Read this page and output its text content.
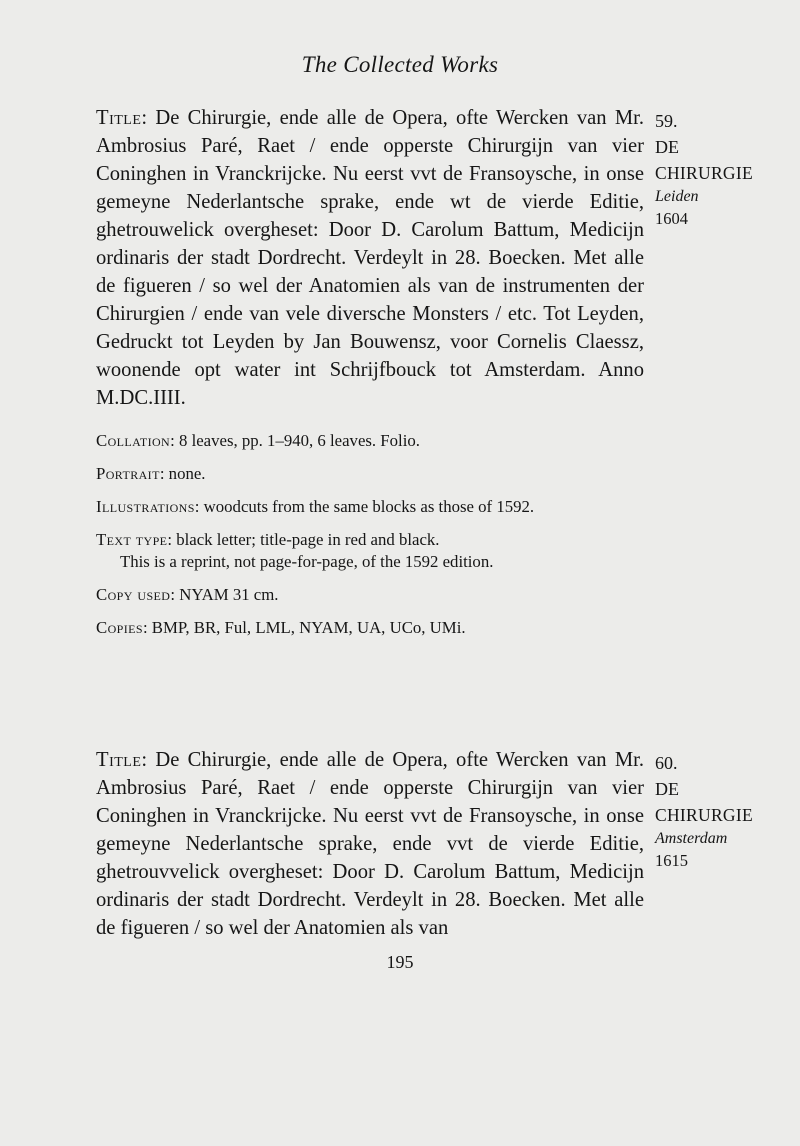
The Collected Works
59.
DE
CHIRURGIE
Leiden
1604

Title: De Chirurgie, ende alle de Opera, ofte Wercken van Mr. Ambrosius Paré, Raet / ende opperste Chirurgijn van vier Coninghen in Vranckrijcke. Nu eerst vvt de Fransoysche, in onse gemeyne Nederlantsche sprake, ende wt de vierde Editie, ghetrouwelick overgheset: Door D. Carolum Battum, Medicijn ordinaris der stadt Dordrecht. Verdeylt in 28. Boecken. Met alle de figueren / so wel der Anatomien als van de instrumenten der Chirurgien / ende van vele diversche Monsters / etc. Tot Leyden, Gedruckt tot Leyden by Jan Bouwensz, voor Cornelis Claessz, woonende opt water int Schrijfbouck tot Amsterdam. Anno M.DC.IIII.

Collation: 8 leaves, pp. 1–940, 6 leaves. Folio.

Portrait: none.

Illustrations: woodcuts from the same blocks as those of 1592.

Text type: black letter; title-page in red and black.

This is a reprint, not page-for-page, of the 1592 edition.

Copy used: NYAM 31 cm.

Copies: BMP, BR, Ful, LML, NYAM, UA, UCo, UMi.

60.
DE
CHIRURGIE
Amsterdam
1615

Title: De Chirurgie, ende alle de Opera, ofte Wercken van Mr. Ambrosius Paré, Raet / ende opperste Chirurgijn van vier Coninghen in Vranckrijcke. Nu eerst vvt de Fransoysche, in onse gemeyne Nederlantsche sprake, ende vvt de vierde Editie, ghetrouvvelick overgheset: Door D. Carolum Battum, Medicijn ordinaris der stadt Dordrecht. Verdeylt in 28. Boecken. Met alle de figueren / so wel der Anatomien als van

195
